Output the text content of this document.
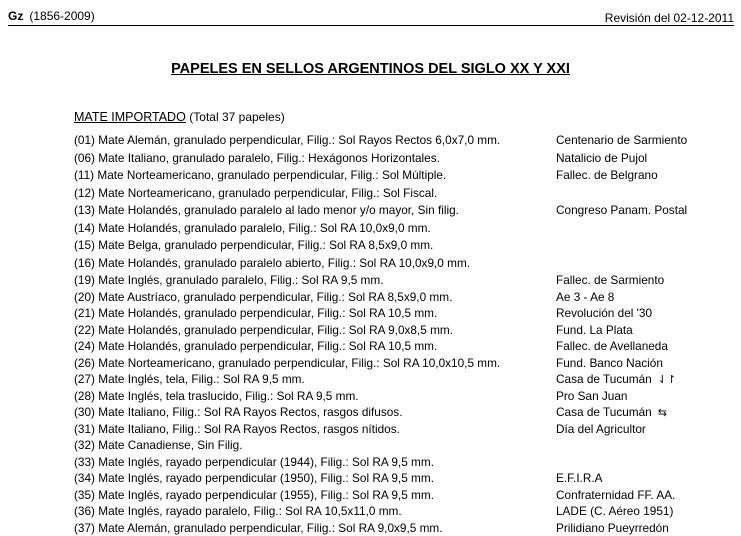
Gz (1856-2009)	Revisión del 02-12-2011
PAPELES EN SELLOS ARGENTINOS DEL SIGLO XX Y XXI
MATE IMPORTADO (Total 37 papeles)
(01) Mate Alemán, granulado perpendicular, Filig.: Sol Rayos Rectos 6,0x7,0 mm.	Centenario de Sarmiento
(06) Mate Italiano, granulado paralelo, Filig.: Hexágonos Horizontales.	Natalicio de Pujol
(11) Mate Norteamericano, granulado perpendicular, Filig.: Sol Múltiple.	Fallec. de Belgrano
(12) Mate Norteamericano, granulado perpendicular, Filig.: Sol Fiscal.
(13) Mate Holandés, granulado paralelo al lado menor y/o mayor, Sin filig.	Congreso Panam. Postal
(14) Mate Holandés, granulado paralelo, Filig.: Sol RA 10,0x9,0 mm.
(15) Mate Belga, granulado perpendicular, Filig.: Sol RA 8,5x9,0 mm.
(16) Mate Holandés, granulado paralelo abierto, Filig.: Sol RA 10,0x9,0 mm.
(19) Mate Inglés, granulado paralelo, Filig.: Sol RA 9,5 mm.	Fallec. de Sarmiento
(20) Mate Austríaco, granulado perpendicular, Filig.: Sol RA 8,5x9,0 mm.	Ae 3 - Ae 8
(21) Mate Holandés, granulado perpendicular, Filig.: Sol RA 10,5 mm.	Revolución del '30
(22) Mate Holandés, granulado perpendicular, Filig.: Sol RA 9,0x8,5 mm.	Fund. La Plata
(24) Mate Holandés, granulado perpendicular, Filig.: Sol RA 10,5 mm.	Fallec. de Avellaneda
(26) Mate Norteamericano, granulado perpendicular, Filig.: Sol RA 10,0x10,5 mm.	Fund. Banco Nación
(27) Mate Inglés, tela, Filig.: Sol RA 9,5 mm.	Casa de Tucumán ⇃↾
(28) Mate Inglés, tela traslucido, Filig.: Sol RA 9,5 mm.	Pro San Juan
(30) Mate Italiano, Filig.: Sol RA Rayos Rectos, rasgos difusos.	Casa de Tucumán ⇆
(31) Mate Italiano, Filig.: Sol RA Rayos Rectos, rasgos nítidos.	Día del Agricultor
(32) Mate Canadiense, Sin Filig.
(33) Mate Inglés, rayado perpendicular (1944), Filig.: Sol RA 9,5 mm.
(34) Mate Inglés, rayado perpendicular (1950), Filig.: Sol RA 9,5 mm.	E.F.I.R.A
(35) Mate Inglés, rayado perpendicular (1955), Filig.: Sol RA 9,5 mm.	Confraternidad FF. AA.
(36) Mate Inglés, rayado paralelo, Filig.: Sol RA 10,5x11,0 mm.	LADE (C. Aéreo 1951)
(37) Mate Alemán, granulado perpendicular, Filig.: Sol RA 9,0x9,5 mm.	Prilidiano Pueyrredón
